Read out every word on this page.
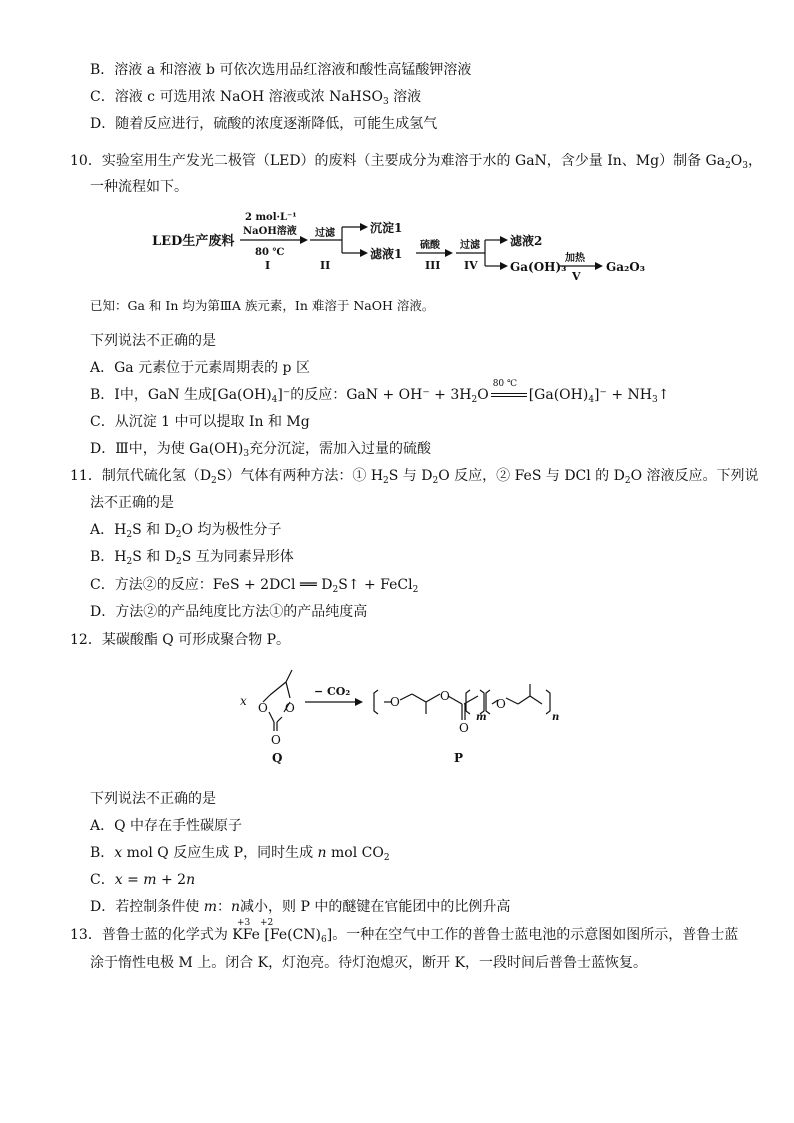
B．溶液 a 和溶液 b 可依次选用品红溶液和酸性高锰酸钾溶液
C．溶液 c 可选用浓 NaOH 溶液或浓 NaHSO$_3$ 溶液
D．随着反应进行，硫酸的浓度逐渐降低，可能生成氢气
10．实验室用生产发光二极管（LED）的废料（主要成分为难溶于水的 GaN，含少量 In、Mg）制备 $Ga_2O_3$，
一种流程如下。
LED生产废料
2 mol·L⁻¹
NaOH溶液
80 ℃
I
过滤
II
沉淀1
滤液1
硫酸
III
过滤
IV
滤液2
Ga(OH)₃
加热
V
Ga₂O₃
已知：Ga 和 In 均为第ⅢA 族元素，In 难溶于 NaOH 溶液。
下列说法不正确的是
A．Ga 元素位于元素周期表的 p 区
B．Ⅰ中，GaN 生成$[Ga(OH)_4]^-$的反应：GaN + $OH^- + 3H_2O$
80 ℃
$[Ga(OH)_4]^-$ + $NH_3↑$
C．从沉淀 1 中可以提取 In 和 Mg
D．Ⅲ中，为使 $Ga(OH)_3$充分沉淀，需加入过量的硫酸
11．制氘代硫化氢$(D_2S)$气体有两种方法：① $H_2S$ 与 $D_2O$ 反应，② FeS 与 DCl 的 $D_2O$ 溶液反应。下列说
法不正确的是
A．$H_2S$ 和 $D_2O$ 均为极性分子
B．$H_2S$ 和 $D_2S$ 互为同素异形体
C．方法②的反应：FeS + 2DCl ══ $D_2S↑$ + FeCl$_2$
D．方法②的产品纯度比方法①的产品纯度高
12．某碳酸酯 Q 可形成聚合物 P。
x O O
O
− CO₂
O	O
O
m	n
Q	P
O
下列说法不正确的是
A．Q 中存在手性碳原子
B．x mol Q 反应生成 P，同时生成 n mol $CO_2$
C．x = m + 2n
D．若控制条件使 m：n减小，则 P 中的醚键在官能团中的比例升高
13．普鲁士蓝的化学式为 KFe $[Fe(CN)_6]$。一种在空气中工作的普鲁士蓝电池的示意图如图所示，普鲁士蓝
+3 +2
涂于惰性电极 M 上。闭合 K，灯泡亮。待灯泡熄灭，断开 K，一段时间后普鲁士蓝恢复。
